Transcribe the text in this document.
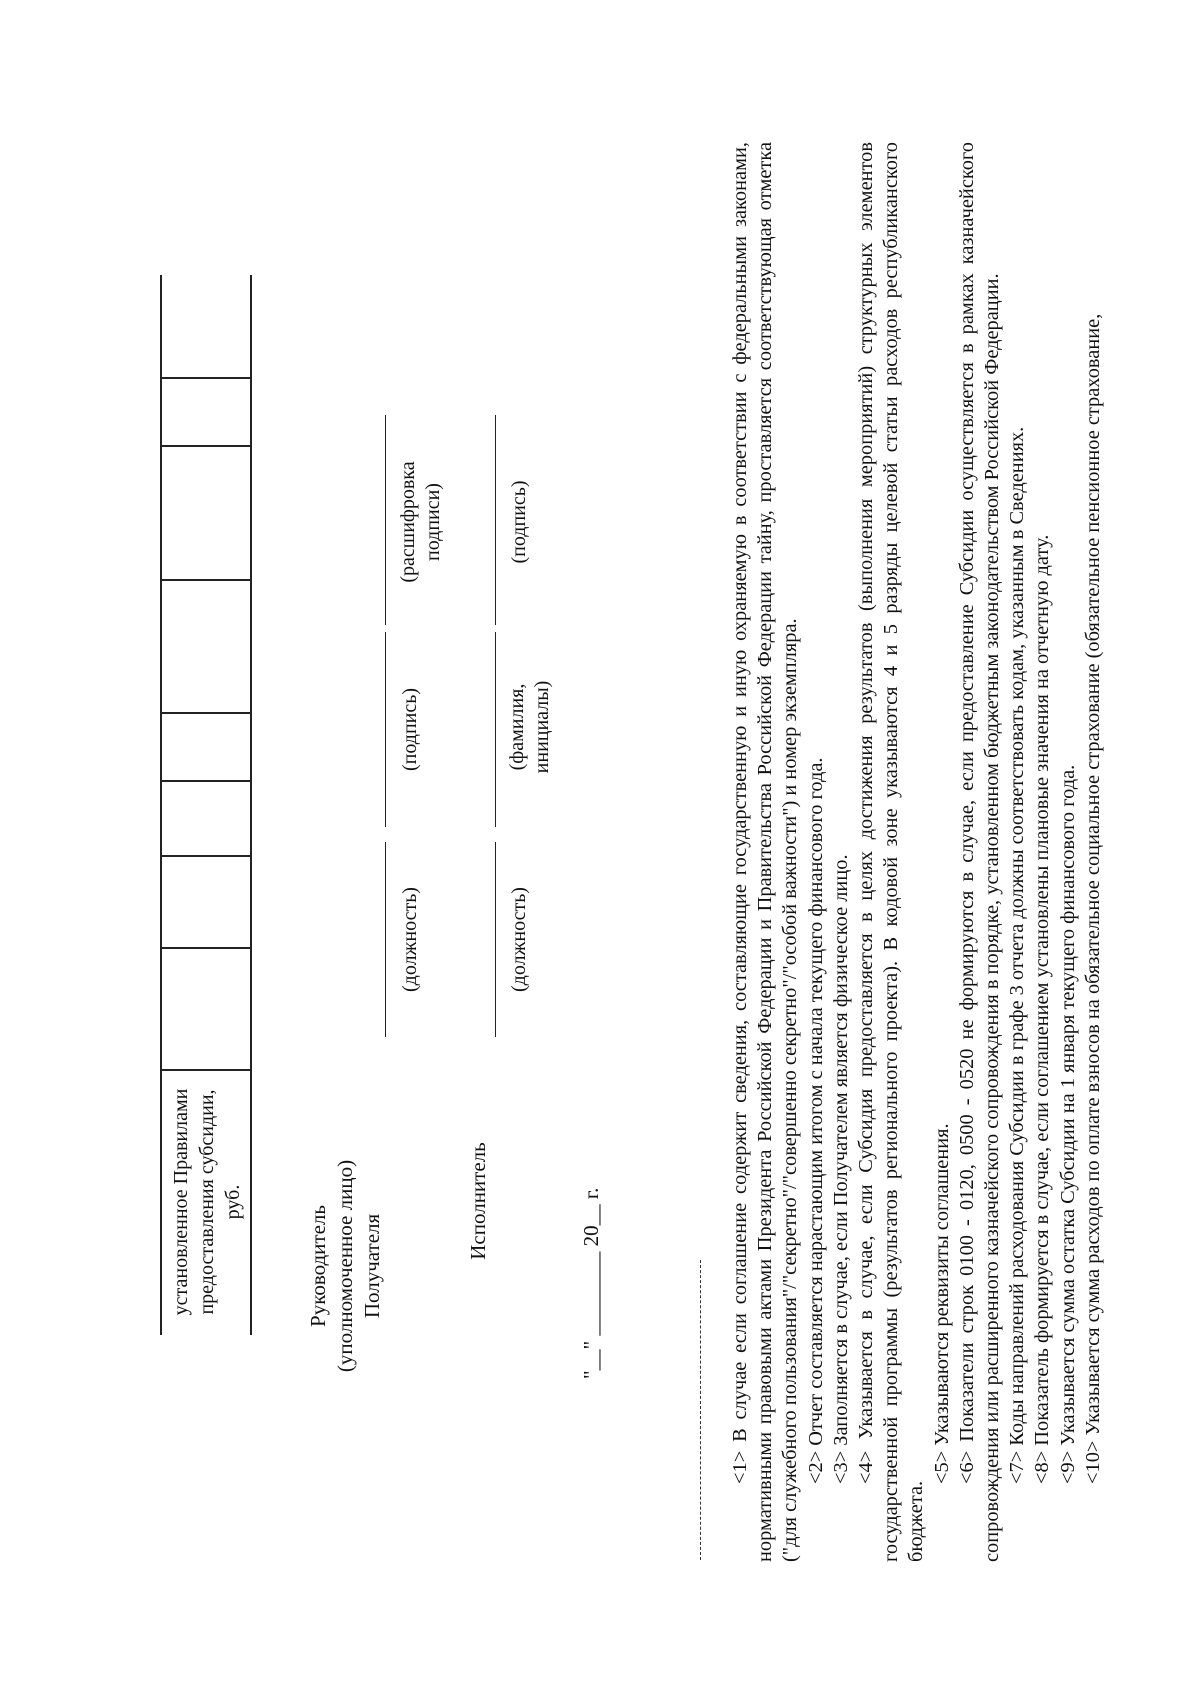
установленное Правилами предоставления субсидии, руб.
Руководитель (уполномоченное лицо) Получателя
(должность)
(подпись)
(расшифровка подписи)
Исполнитель
(должность)
(фамилия, инициалы)
(подпись)
"__" ________ 20__ г.	<1> В случае если соглашение содержит сведения, составляющие государственную и иную охраняемую в соответствии с федеральными законами, нормативными правовыми актами Президента Российской Федерации и Правительства Российской Федерации тайну, проставляется соответствующая отметка ("для служебного пользования"/"секретно"/"совершенно секретно"/"особой важности") и номер экземпляра. <2> Отчет составляется нарастающим итогом с начала текущего финансового года. <3> Заполняется в случае, если Получателем является физическое лицо. <4> Указывается в случае, если Субсидия предоставляется в целях достижения результатов (выполнения мероприятий) структурных элементов государственной программы (результатов регионального проекта). В кодовой зоне указываются 4 и 5 разряды целевой статьи расходов республиканского бюджета.

<5> Указываются реквизиты соглашения. <6> Показатели строк 0100 - 0120, 0500 - 0520 не формируются в случае, если предоставление Субсидии осуществляется в рамках казначейского сопровождения или расширенного казначейского сопровождения в порядке, установленном бюджетным законодательством Российской Федерации. <7> Коды направлений расходования Субсидии в графе 3 отчета должны соответствовать кодам, указанным в Сведениях. <8> Показатель формируется в случае, если соглашением установлены плановые значения на отчетную дату. <9> Указывается сумма остатка Субсидии на 1 января текущего финансового года. <10> Указывается сумма расходов по оплате взносов на обязательное социальное страхование (обязательное пенсионное страхование,
